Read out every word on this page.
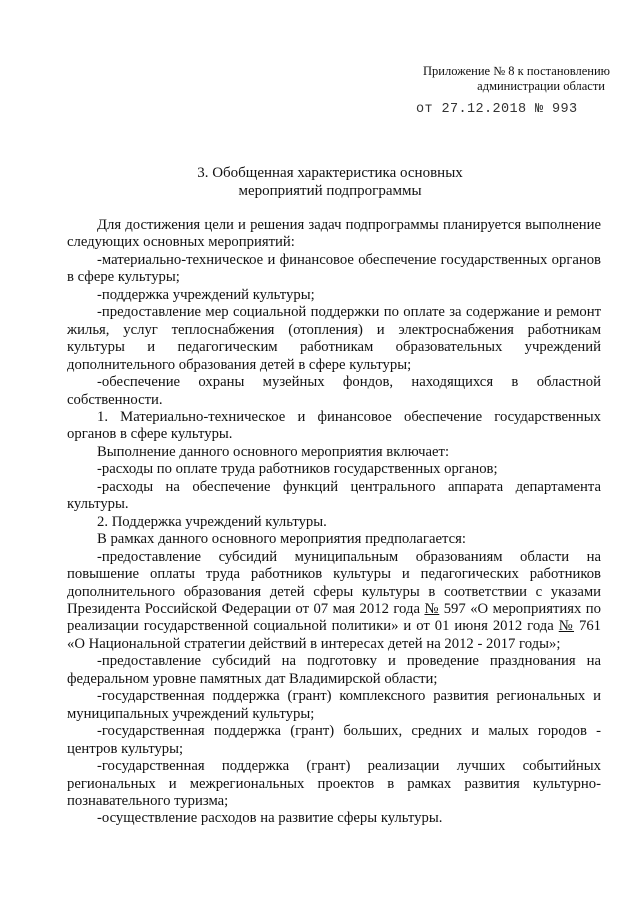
Приложение № 8 к постановлению
администрации области
от 27.12.2018 № 993
3. Обобщенная характеристика основных
мероприятий подпрограммы

Для достижения цели и решения задач подпрограммы планируется выполнение следующих основных мероприятий:

-материально-техническое и финансовое обеспечение государственных органов в сфере культуры;

-поддержка учреждений культуры;

-предоставление мер социальной поддержки по оплате за содержание и ремонт жилья, услуг теплоснабжения (отопления) и электроснабжения работникам культуры и педагогическим работникам образовательных учреждений дополнительного образования детей в сфере культуры;

-обеспечение охраны музейных фондов, находящихся в областной собственности.

1. Материально-техническое и финансовое обеспечение государственных органов в сфере культуры.

Выполнение данного основного мероприятия включает:

-расходы по оплате труда работников государственных органов;

-расходы на обеспечение функций центрального аппарата департамента культуры.

2. Поддержка учреждений культуры.

В рамках данного основного мероприятия предполагается:

-предоставление субсидий муниципальным образованиям области на повышение оплаты труда работников культуры и педагогических работников дополнительного образования детей сферы культуры в соответствии с указами Президента Российской Федерации от 07 мая 2012 года № 597 «О мероприятиях по реализации государственной социальной политики» и от 01 июня 2012 года № 761 «О Национальной стратегии действий в интересах детей на 2012 - 2017 годы»;

-предоставление субсидий на подготовку и проведение празднования на федеральном уровне памятных дат Владимирской области;

-государственная поддержка (грант) комплексного развития региональных и муниципальных учреждений культуры;

-государственная поддержка (грант) больших, средних и малых городов - центров культуры;

-государственная поддержка (грант) реализации лучших событийных региональных и межрегиональных проектов в рамках развития культурно-познавательного туризма;

-осуществление расходов на развитие сферы культуры.
